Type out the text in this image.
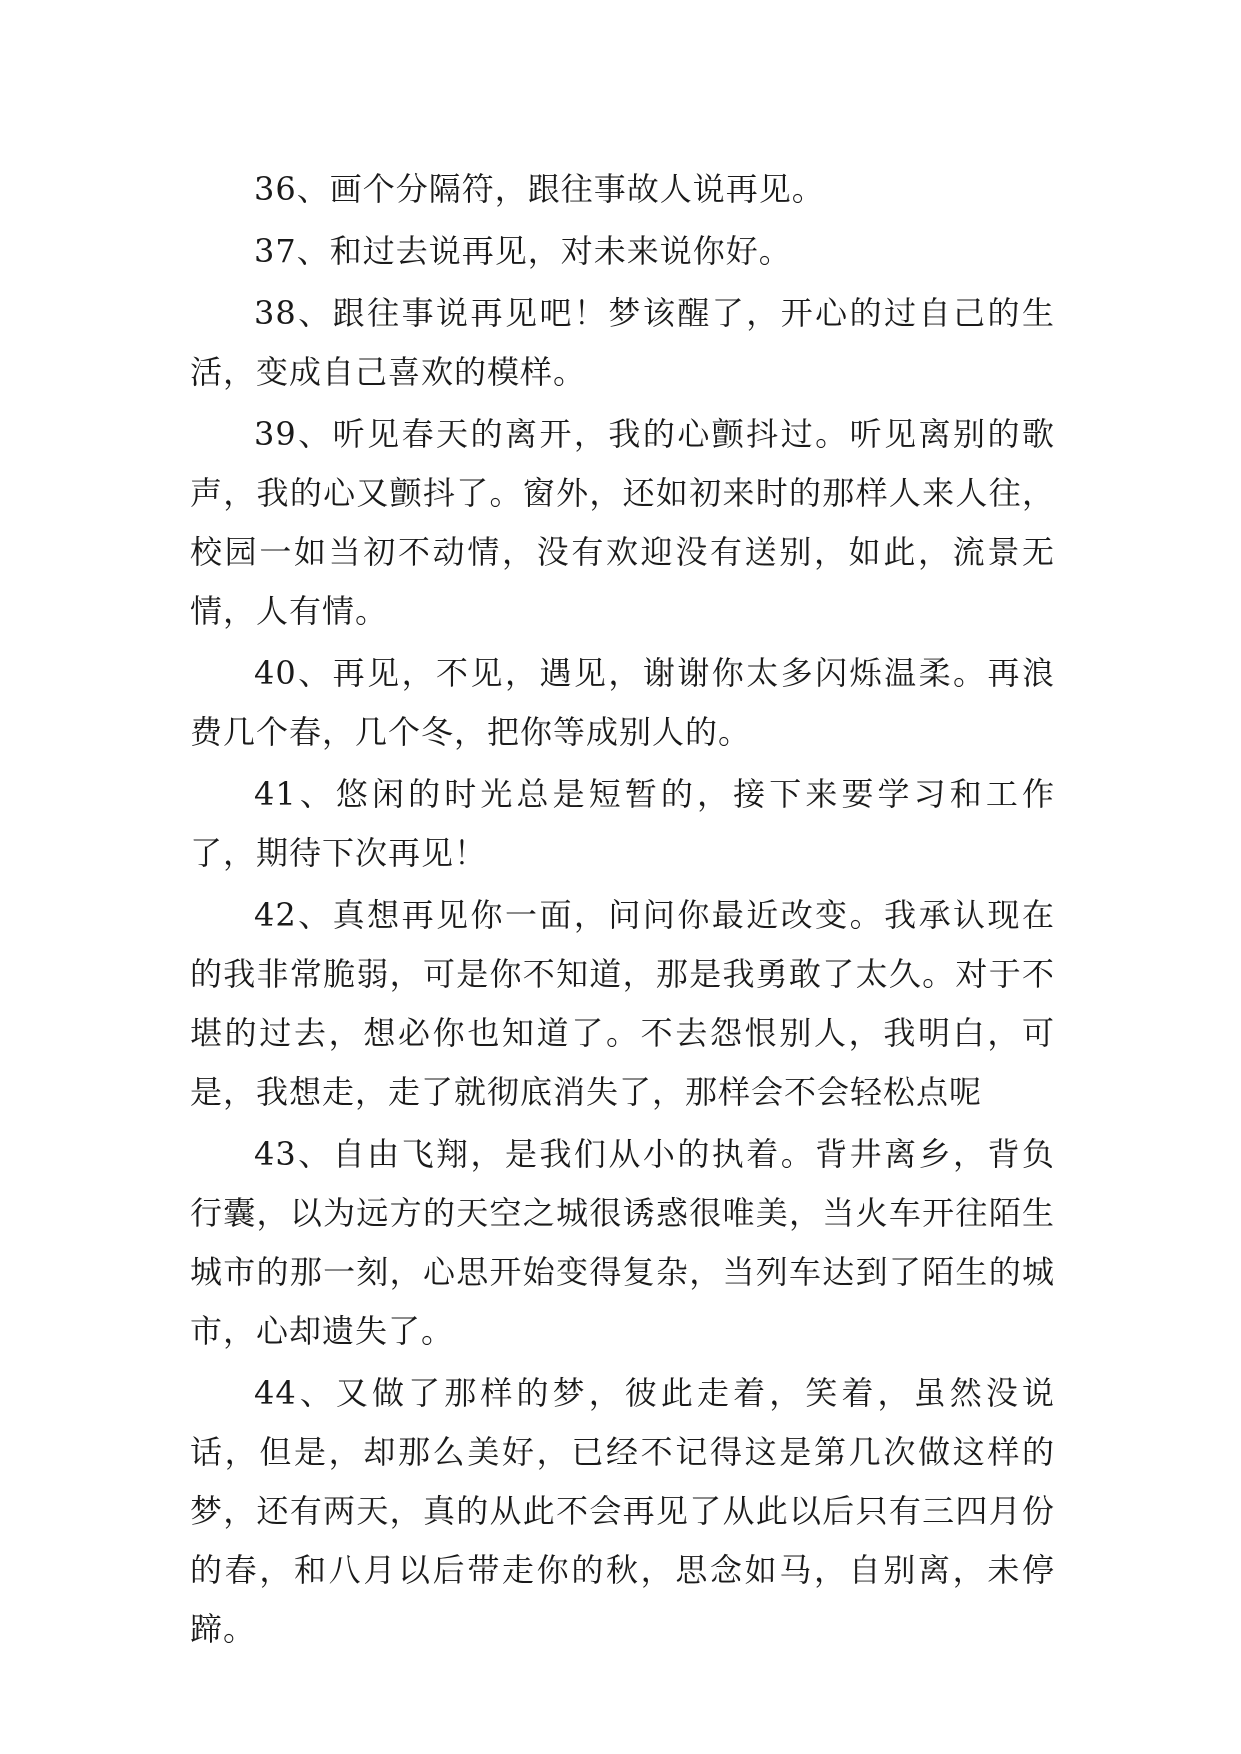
36、画个分隔符，跟往事故人说再见。

37、和过去说再见，对未来说你好。

38、跟往事说再见吧！梦该醒了，开心的过自己的生活，变成自己喜欢的模样。

39、听见春天的离开，我的心颤抖过。听见离别的歌声，我的心又颤抖了。窗外，还如初来时的那样人来人往，校园一如当初不动情，没有欢迎没有送别，如此，流景无情，人有情。

40、再见，不见，遇见，谢谢你太多闪烁温柔。再浪费几个春，几个冬，把你等成别人的。

41、悠闲的时光总是短暂的，接下来要学习和工作了，期待下次再见！

42、真想再见你一面，问问你最近改变。我承认现在的我非常脆弱，可是你不知道，那是我勇敢了太久。对于不堪的过去，想必你也知道了。不去怨恨别人，我明白，可是，我想走，走了就彻底消失了，那样会不会轻松点呢

43、自由飞翔，是我们从小的执着。背井离乡，背负行囊，以为远方的天空之城很诱惑很唯美，当火车开往陌生城市的那一刻，心思开始变得复杂，当列车达到了陌生的城市，心却遗失了。

44、又做了那样的梦，彼此走着，笑着，虽然没说话，但是，却那么美好，已经不记得这是第几次做这样的梦，还有两天，真的从此不会再见了从此以后只有三四月份的春，和八月以后带走你的秋，思念如马，自别离，未停蹄。
